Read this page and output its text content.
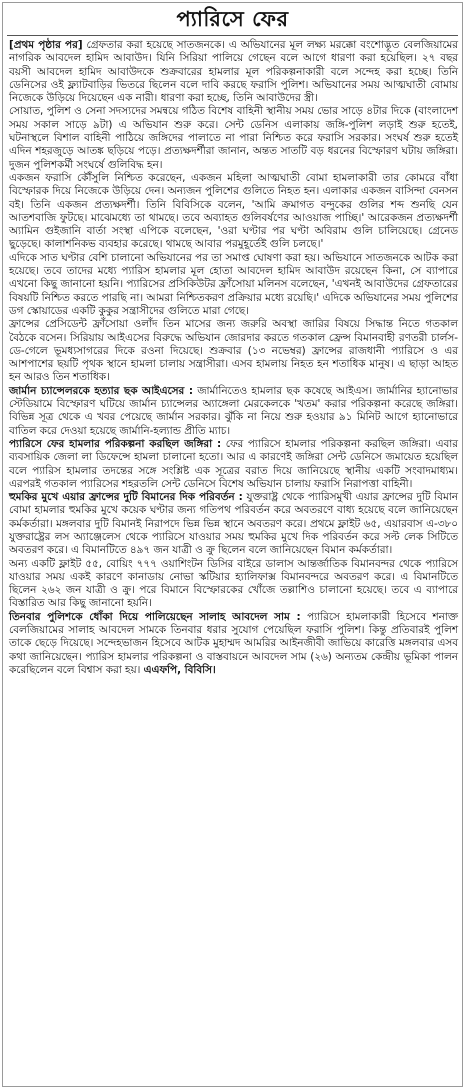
প্যারিসে ফের

[প্রথম পৃষ্ঠার পর] গ্রেফতার করা হয়েছে সাতজনকে। এ অভিযানের মূল লক্ষ্য মরক্কো বংশোদ্ভূত বেলজিয়ামের নাগরিক আবদেল হামিদ আবাউদ। যিনি সিরিয়া পালিয়ে গেছেন বলে আগে ধারণা করা হয়েছিল। ২৭ বছর বয়সী আবদেল হামিদ আবাউদকে শুক্রবারের হামলার মূল পরিকল্পনাকারী বলে সন্দেহ করা হচ্ছে। তিনি ডেনিসের ওই ফ্ল্যাটবাড়ির ভিতরে ছিলেন বলে দাবি করছে ফরাসি পুলিশ। অভিযানের সময় আত্মঘাতী বোমায় নিজেকে উড়িয়ে দিয়েছেন এক নারী। ধারণা করা হচ্ছে, তিনি আবাউদের স্ত্রী।

সোয়াত, পুলিশ ও সেনা সদস্যদের সমন্বয়ে গঠিত বিশেষ বাহিনী স্থানীয় সময় ভোর সাড়ে ৪টার দিকে (বাংলাদেশ সময় সকাল সাড়ে ৯টা) এ অভিযান শুরু করে। সেন্ট ডেনিস এলাকায় জঙ্গি-পুলিশ লড়াই শুরু হতেই, ঘটনাস্থলে বিশাল বাহিনী পাঠিয়ে জঙ্গিদের পালাতে না পারা নিশ্চিত করে ফরাসি সরকার। সংঘর্ষ শুরু হতেই এদিন শহরজুড়ে আতঙ্ক ছড়িয়ে পড়ে। প্রত্যক্ষদর্শীরা জানান, অন্তত সাতটি বড় ধরনের বিস্ফোরণ ঘটায় জঙ্গিরা। দুজন পুলিশকর্মী সংঘর্ষে গুলিবিদ্ধ হন।

একজন ফরাসি কৌঁসুলি নিশ্চিত করেছেন, একজন মহিলা আত্মঘাতী বোমা হামলাকারী তার কোমরে বাঁধা বিস্ফোরক দিয়ে নিজেকে উড়িয়ে দেন। অন্যজন পুলিশের গুলিতে নিহত হন। এলাকার একজন বাসিন্দা বেনসন বই। তিনি একজন প্রত্যক্ষদর্শী। তিনি বিবিসিকে বলেন, 'আমি ক্রমাগত বন্দুকের গুলির শব্দ শুনছি যেন আতশবাজি ফুটছে। মাঝেমধ্যে তা থামছে। তবে অব্যাহত গুলিবর্ষণের আওয়াজ পাচ্ছি।' আরেকজন প্রত্যক্ষদর্শী অ্যামিন গুইজানি বার্তা সংস্থা এপিকে বলেছেন, 'ওরা ঘণ্টার পর ঘণ্টা অবিরাম গুলি চালিয়েছে। গ্রেনেড ছুড়েছে। কালাশনিকভ ব্যবহার করেছে। থামছে আবার পরমুহূর্তেই গুলি চলছে।'

এদিকে সাত ঘণ্টার বেশি চালানো অভিযানের পর তা সমাপ্ত ঘোষণা করা হয়। অভিযানে সাতজনকে আটক করা হয়েছে। তবে তাদের মধ্যে প্যারিস হামলার মূল হোতা আবদেল হামিদ আবাউদ রয়েছেন কিনা, সে ব্যাপারে এখনো কিছু জানানো হয়নি। প্যারিসের প্রসিকিউটর ফ্রাঁসোয়া মলিনস বলেছেন, 'এখনই আবাউদের গ্রেফতারের বিষয়টি নিশ্চিত করতে পারছি না। আমরা নিশ্চিতকরণ প্রক্রিয়ার মধ্যে রয়েছি।' এদিকে অভিযানের সময় পুলিশের ডগ স্কোয়াডের একটি কুকুর সন্ত্রাসীদের গুলিতে মারা গেছে।

ফ্রান্সের প্রেসিডেন্ট ফ্রাঁসোয়া ওলাঁদ তিন মাসের জন্য জরুরি অবস্থা জারির বিষয়ে সিদ্ধান্ত নিতে গতকাল বৈঠকে বসেন। সিরিয়ায় আইএসের বিরুদ্ধে অভিযান জোরদার করতে গতকাল ফ্রেন্স বিমানবাহী রণতরী চার্লস-ডে-গেলে ভূমধ্যসাগরের দিকে রওনা দিয়েছে। শুক্রবার (১৩ নভেম্বর) ফ্রান্সের রাজধানী প্যারিসে ও এর আশপাশের ছয়টি পৃথক স্থানে হামলা চালায় সন্ত্রাসীরা। এসব হামলায় নিহত হন শতাধিক মানুষ। এ ছাড়া আহত হন আরও তিন শতাধিক।

জার্মান চ্যান্সেলরকে হত্যার ছক আইএসের : জার্মানিতেও হামলার ছক কষেছে আইএস। জার্মানির হ্যানোভার স্টেডিয়ামে বিস্ফোরণ ঘটিয়ে জার্মান চ্যান্সেলর অ্যাঙ্গেলা মেরকেলকে 'খতম' করার পরিকল্পনা করেছে জঙ্গিরা। বিভিন্ন সূত্র থেকে এ খবর পেয়েছে জার্মান সরকার। ঝুঁকি না নিয়ে শুরু হওয়ার ৯১ মিনিট আগে হ্যানোভারে বাতিল করে দেওয়া হয়েছে জার্মানি-হল্যান্ড প্রীতি ম্যাচ।

প্যারিসে ফের হামলার পরিকল্পনা করছিল জঙ্গিরা : ফের প্যারিসে হামলার পরিকল্পনা করছিল জঙ্গিরা। এবার ব্যবসায়িক জেলা লা ডিফেন্সে হামলা চালানো হতো। আর এ কারণেই জঙ্গিরা সেন্ট ডেনিসে জমায়েত হয়েছিল বলে প্যারিস হামলার তদন্তের সঙ্গে সংশ্লিষ্ট এক সূত্রের বরাত দিয়ে জানিয়েছে স্থানীয় একটি সংবাদমাধ্যম। এরপরই গতকাল প্যারিসের শহরতলি সেন্ট ডেনিসে বিশেষ অভিযান চালায় ফরাসি নিরাপত্তা বাহিনী।

হুমকির মুখে এয়ার ফ্রান্সের দুটি বিমানের দিক পরিবর্তন : যুক্তরাষ্ট্র থেকে প্যারিসমুখী এয়ার ফ্রান্সের দুটি বিমান বোমা হামলার হুমকির মুখে কয়েক ঘণ্টার জন্য গতিপথ পরিবর্তন করে অবতরণে বাধ্য হয়েছে বলে জানিয়েছেন কর্মকর্তারা। মঙ্গলবার দুটি বিমানই নিরাপদে ভিন্ন ভিন্ন স্থানে অবতরণ করে। প্রথমে ফ্লাইট ৬৫, এয়ারবাস এ-৩৮০ যুক্তরাষ্ট্রের লস অ্যাঞ্জেলেস থেকে প্যারিসে যাওয়ার সময় হুমকির মুখে দিক পরিবর্তন করে সল্ট লেক সিটিতে অবতরণ করে। এ বিমানটিতে ৪৯৭ জন যাত্রী ও ক্রু ছিলেন বলে জানিয়েছেন বিমান কর্মকর্তারা।

অন্য একটি ফ্লাইট ৫৫, বোয়িং ৭৭৭ ওয়াশিংটন ডিসির বাইরে ডালাস আন্তর্জাতিক বিমানবন্দর থেকে প্যারিসে যাওয়ার সময় একই কারণে কানাডায় নোভা স্কটিয়ার হ্যালিফাক্স বিমানবন্দরে অবতরণ করে। এ বিমানটিতে ছিলেন ২৬২ জন যাত্রী ও ক্রু। পরে বিমানে বিস্ফোরকের খোঁজে তল্লাশিও চালানো হয়েছে। তবে এ ব্যাপারে বিস্তারিত আর কিছু জানানো হয়নি।

তিনবার পুলিশকে ধোঁকা দিয়ে পালিয়েছেন সালাহ আবদেল সাম : প্যারিসে হামলাকারী হিসেবে শনাক্ত বেলজিয়ামের সালাহ আবদেল সামকে তিনবার ধরার সুযোগ পেয়েছিল ফরাসি পুলিশ। কিন্তু প্রতিবারই পুলিশ তাকে ছেড়ে দিয়েছে। সন্দেহভাজন হিসেবে আটক মুহাম্মদ আমরির আইনজীবী জাভিয়ে কারেত্তি মঙ্গলবার এসব কথা জানিয়েছেন। প্যারিস হামলার পরিকল্পনা ও বাস্তবায়নে আবদেল সাম (২৬) অন্যতম কেন্দ্রীয় ভূমিকা পালন করেছিলেন বলে বিশ্বাস করা হয়। এএফপি, বিবিসি।
